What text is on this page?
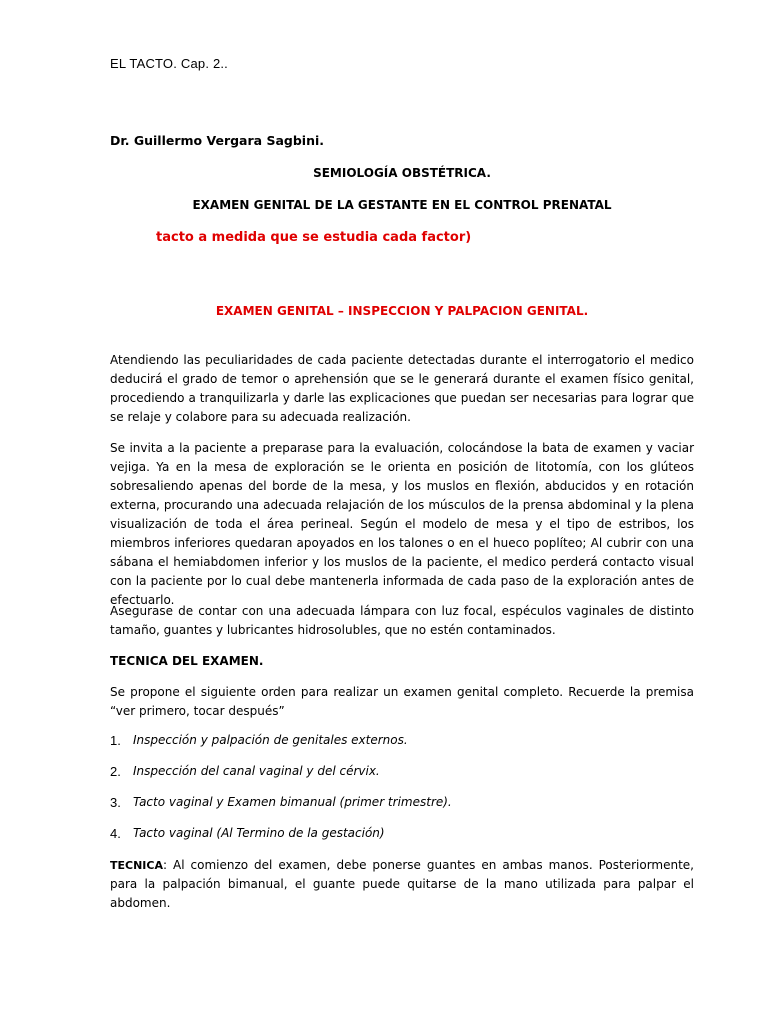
EL TACTO. Cap. 2..
Dr. Guillermo Vergara Sagbini.
SEMIOLOGÍA OBSTÉTRICA.
EXAMEN GENITAL DE LA GESTANTE EN EL CONTROL PRENATAL
tacto a medida que se estudia cada factor)
EXAMEN GENITAL – INSPECCION Y PALPACION GENITAL.
Atendiendo las peculiaridades de cada paciente detectadas durante el interrogatorio el medico deducirá el grado de temor o aprehensión que se le generará durante el examen físico genital, procediendo a tranquilizarla y darle las explicaciones que puedan ser necesarias para lograr que se relaje y colabore para su adecuada realización.
Se invita a la paciente a preparase para la evaluación, colocándose la bata de examen y vaciar vejiga. Ya en la mesa de exploración se le orienta en posición de litotomía, con los glúteos sobresaliendo apenas del borde de la mesa, y los muslos en flexión, abducidos y en rotación externa, procurando una adecuada relajación de los músculos de la prensa abdominal y la plena visualización de toda el área perineal. Según el modelo de mesa y el tipo de estribos, los miembros inferiores quedaran apoyados en los talones o en el hueco poplíteo; Al cubrir con una sábana el hemiabdomen inferior y los muslos de la paciente, el medico perderá contacto visual con la paciente por lo cual debe mantenerla informada de cada paso de la exploración antes de efectuarlo.
Asegurase de contar con una adecuada lámpara con luz focal, espéculos vaginales de distinto tamaño, guantes y lubricantes hidrosolubles, que no estén contaminados.
TECNICA DEL EXAMEN.
Se propone el siguiente orden para realizar un examen genital completo. Recuerde la premisa “ver primero, tocar después”
1. Inspección y palpación de genitales externos.
2. Inspección del canal vaginal y del cérvix.
3. Tacto vaginal y Examen bimanual (primer trimestre).
4. Tacto vaginal (Al Termino de la gestación)
TECNICA: Al comienzo del examen, debe ponerse guantes en ambas manos. Posteriormente, para la palpación bimanual, el guante puede quitarse de la mano utilizada para palpar el abdomen.
